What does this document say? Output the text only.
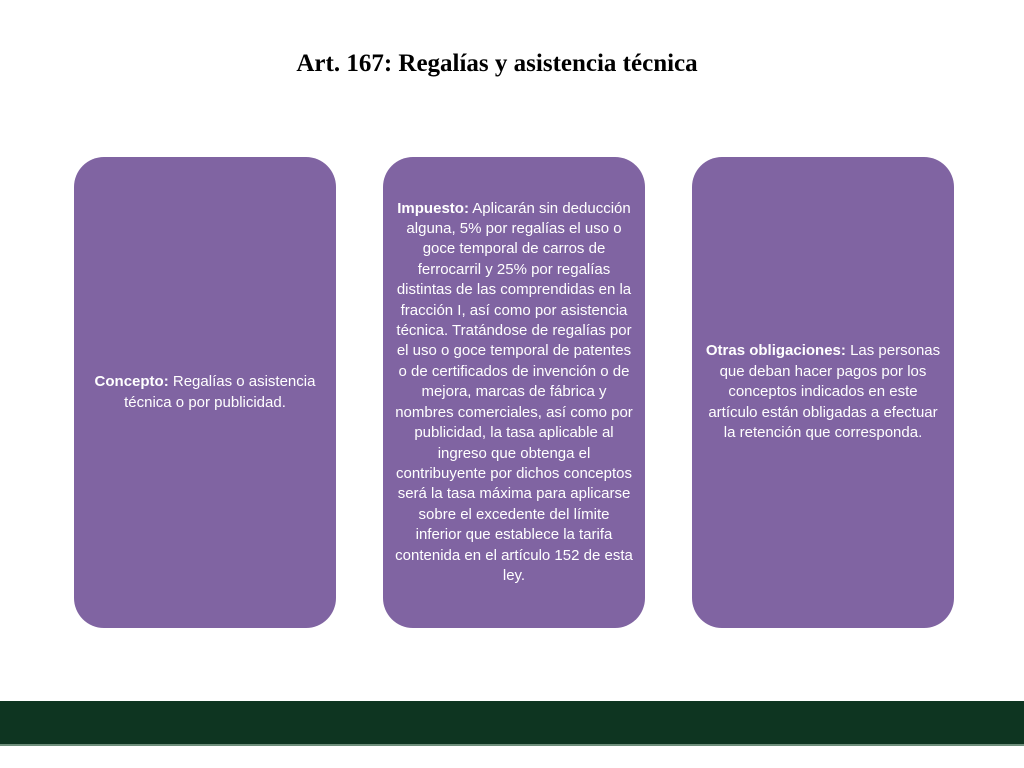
Art. 167: Regalías y asistencia técnica

Concepto: Regalías o asistencia técnica o por publicidad.

Impuesto: Aplicarán sin deducción alguna, 5% por regalías el uso o goce temporal de carros de ferrocarril y 25% por regalías distintas de las comprendidas en la fracción I, así como por asistencia técnica. Tratándose de regalías por el uso o goce temporal de patentes o de certificados de invención o de mejora, marcas de fábrica y nombres comerciales, así como por publicidad, la tasa aplicable al ingreso que obtenga el contribuyente por dichos conceptos será la tasa máxima para aplicarse sobre el excedente del límite inferior que establece la tarifa contenida en el artículo 152 de esta ley.

Otras obligaciones: Las personas que deban hacer pagos por los conceptos indicados en este artículo están obligadas a efectuar la retención que corresponda.
